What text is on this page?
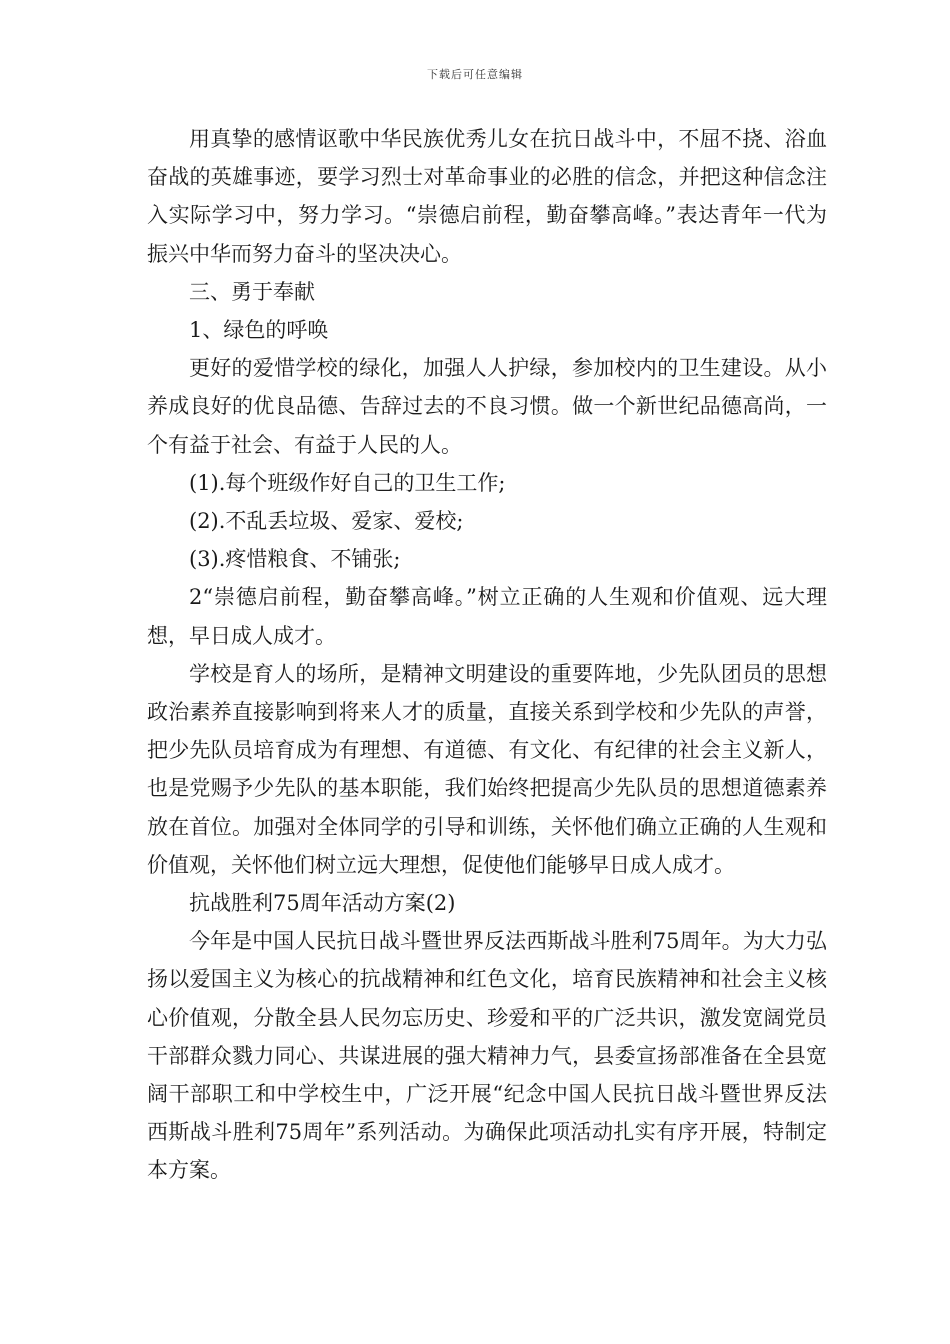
下载后可任意编辑

用真挚的感情讴歌中华民族优秀儿女在抗日战斗中，不屈不挠、浴血奋战的英雄事迹，要学习烈士对革命事业的必胜的信念，并把这种信念注入实际学习中，努力学习。“崇德启前程，勤奋攀高峰。”表达青年一代为振兴中华而努力奋斗的坚决决心。

三、勇于奉献

1、绿色的呼唤

更好的爱惜学校的绿化，加强人人护绿，参加校内的卫生建设。从小养成良好的优良品德、告辞过去的不良习惯。做一个新世纪品德高尚，一个有益于社会、有益于人民的人。

(1).每个班级作好自己的卫生工作;

(2).不乱丢垃圾、爱家、爱校;

(3).疼惜粮食、不铺张;

2“崇德启前程，勤奋攀高峰。”树立正确的人生观和价值观、远大理想，早日成人成才。

学校是育人的场所，是精神文明建设的重要阵地，少先队团员的思想政治素养直接影响到将来人才的质量，直接关系到学校和少先队的声誉，把少先队员培育成为有理想、有道德、有文化、有纪律的社会主义新人，也是党赐予少先队的基本职能，我们始终把提高少先队员的思想道德素养放在首位。加强对全体同学的引导和训练，关怀他们确立正确的人生观和价值观，关怀他们树立远大理想，促使他们能够早日成人成才。

抗战胜利75周年活动方案(2)

今年是中国人民抗日战斗暨世界反法西斯战斗胜利75周年。为大力弘扬以爱国主义为核心的抗战精神和红色文化，培育民族精神和社会主义核心价值观，分散全县人民勿忘历史、珍爱和平的广泛共识，激发宽阔党员干部群众戮力同心、共谋进展的强大精神力气，县委宣扬部准备在全县宽阔干部职工和中学校生中，广泛开展“纪念中国人民抗日战斗暨世界反法西斯战斗胜利75周年”系列活动。为确保此项活动扎实有序开展，特制定本方案。
